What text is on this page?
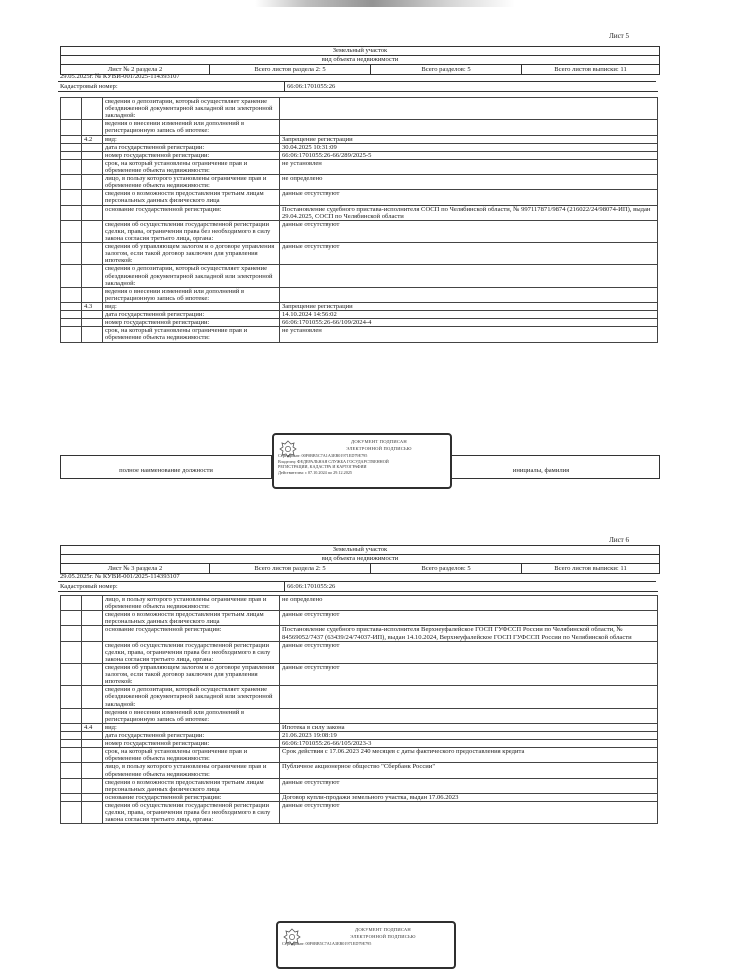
Лист 5
Земельный участок
вид объекта недвижимости
Лист № 2 раздела 2	Всего листов раздела 2: 5	Всего разделов: 5	Всего листов выписки: 11
29.05.2025г. № КУВИ-001/2025-114393107
Кадастровый номер:	66:06:1701055:26
		сведения о депозитарии, который осуществляет хранение обездвиженной документарной закладной или электронной закладной:	
		ведения о внесении изменений или дополнений в регистрационную запись об ипотеке:	
	4.2	вид:	Запрещение регистрации
		дата государственной регистрации:	30.04.2025 10:31:09
		номер государственной регистрации:	66:06:1701055:26-66/289/2025-5
		срок, на который установлены ограничение прав и обременение объекта недвижимости:	не установлен
		лицо, в пользу которого установлены ограничение прав и обременение объекта недвижимости:	не определено
		сведения о возможности предоставления третьим лицам персональных данных физического лица	данные отсутствуют
		основание государственной регистрации:	Постановление судебного пристава-исполнителя СОСП по Челябинской области, № 997117871/9874 (216022/24/98074-ИП), выдан 29.04.2025, СОСП по Челябинской области
		сведения об осуществлении государственной регистрации сделки, права, ограничения права без необходимого в силу закона согласия третьего лица, органа:	данные отсутствуют
		сведения об управляющем залогом и о договоре управления залогом, если такой договор заключен для управления ипотекой:	данные отсутствуют
		сведения о депозитарии, который осуществляет хранение обездвиженной документарной закладной или электронной закладной:	
		ведения о внесении изменений или дополнений в регистрационную запись об ипотеке:	
	4.3	вид:	Запрещение регистрации
		дата государственной регистрации:	14.10.2024 14:56:02
		номер государственной регистрации:	66:06:1701055:26-66/109/2024-4
		срок, на который установлены ограничение прав и обременение объекта недвижимости:	не установлен
полное наименование должности	инициалы, фамилия
ДОКУМЕНТ ПОДПИСАН
ЭЛЕКТРОННОЙ ПОДПИСЬЮ
Сертификат: 00F0BB5C7A1A3EB01971ED79E795
Владелец: ФЕДЕРАЛЬНАЯ СЛУЖБА ГОСУДАРСТВЕННОЙ
РЕГИСТРАЦИИ, КАДАСТРА И КАРТОГРАФИИ
Действителен: с 07.10.2024 по 29.12.2025
Лист 6
Земельный участок
вид объекта недвижимости
Лист № 3 раздела 2	Всего листов раздела 2: 5	Всего разделов: 5	Всего листов выписки: 11
29.05.2025г. № КУВИ-001/2025-114393107
Кадастровый номер:	66:06:1701055:26
		лицо, в пользу которого установлены ограничение прав и обременение объекта недвижимости:	не определено
		сведения о возможности предоставления третьим лицам персональных данных физического лица	данные отсутствуют
		основание государственной регистрации:	Постановление судебного пристава-исполнителя Верхнеуфалейское ГОСП ГУФССП России по Челябинской области, № 84569052/7437 (63439/24/74037-ИП), выдан 14.10.2024, Верхнеуфалейское ГОСП ГУФССП России по Челябинской области
		сведения об осуществлении государственной регистрации сделки, права, ограничения права без необходимого в силу закона согласия третьего лица, органа:	данные отсутствуют
		сведения об управляющем залогом и о договоре управления залогом, если такой договор заключен для управления ипотекой:	данные отсутствуют
		сведения о депозитарии, который осуществляет хранение обездвиженной документарной закладной или электронной закладной:	
		ведения о внесении изменений или дополнений в регистрационную запись об ипотеке:	
	4.4	вид:	Ипотека в силу закона
		дата государственной регистрации:	21.06.2023 19:08:19
		номер государственной регистрации:	66:06:1701055:26-66/105/2023-3
		срок, на который установлены ограничение прав и обременение объекта недвижимости:	Срок действия с 17.06.2023 240 месяцев с даты фактического предоставления кредита
		лицо, в пользу которого установлены ограничение прав и обременение объекта недвижимости:	Публичное акционерное общество "Сбербанк России"
		сведения о возможности предоставления третьим лицам персональных данных физического лица	данные отсутствуют
		основание государственной регистрации:	Договор купли-продажи земельного участка, выдан 17.06.2023
		сведения об осуществлении государственной регистрации сделки, права, ограничения права без необходимого в силу закона согласия третьего лица, органа:	данные отсутствуют
ДОКУМЕНТ ПОДПИСАН
ЭЛЕКТРОННОЙ ПОДПИСЬЮ
Сертификат: 00F0BB5C7A1A3EB01971ED79E795
